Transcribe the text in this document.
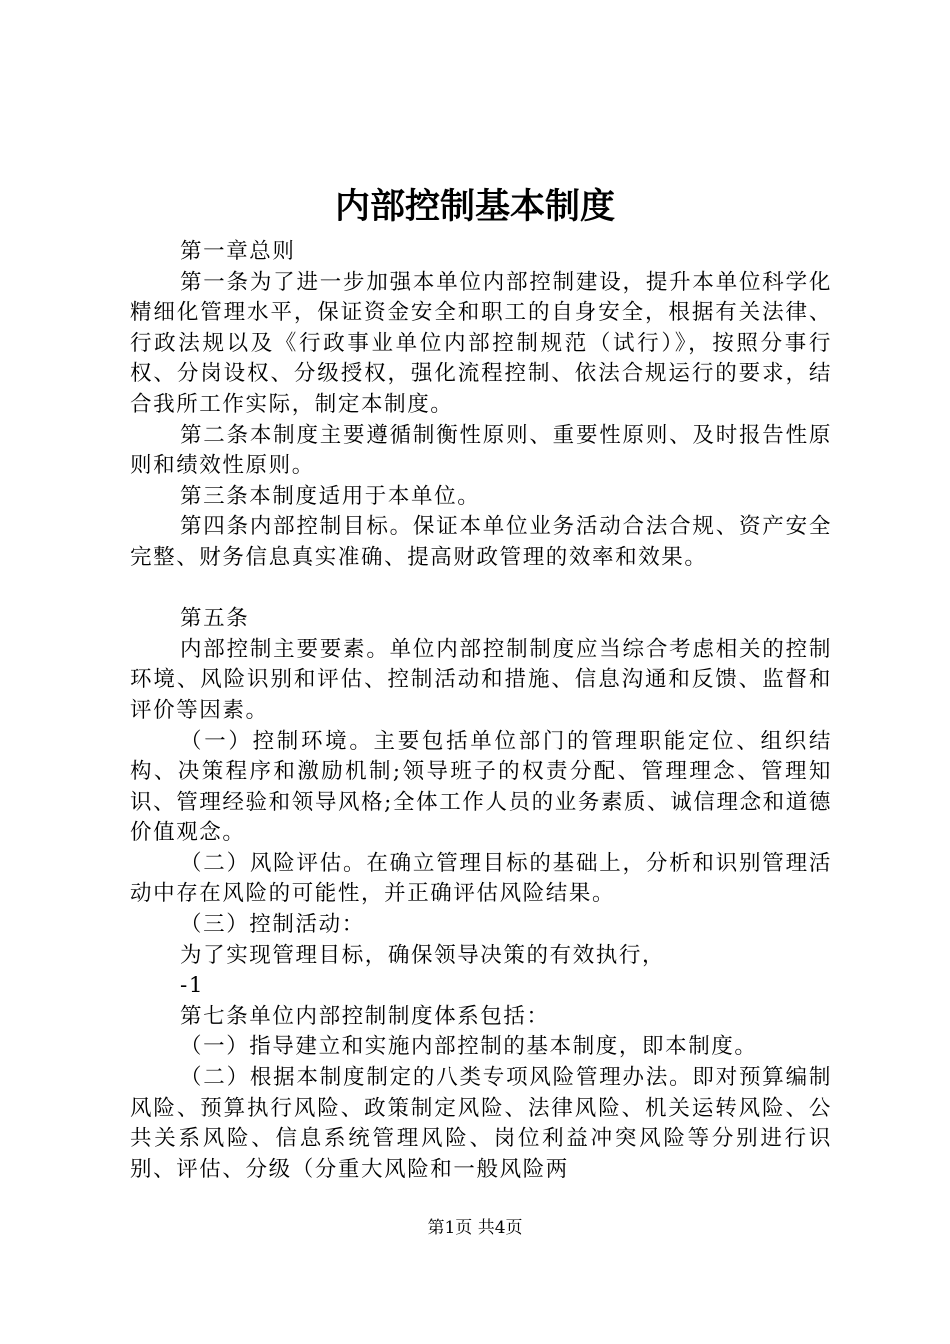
内部控制基本制度

第一章总则

第一条为了进一步加强本单位内部控制建设，提升本单位科学化精细化管理水平，保证资金安全和职工的自身安全，根据有关法律、行政法规以及《行政事业单位内部控制规范（试行）》，按照分事行权、分岗设权、分级授权，强化流程控制、依法合规运行的要求，结合我所工作实际，制定本制度。

第二条本制度主要遵循制衡性原则、重要性原则、及时报告性原则和绩效性原则。

第三条本制度适用于本单位。

第四条内部控制目标。保证本单位业务活动合法合规、资产安全完整、财务信息真实准确、提高财政管理的效率和效果。

第五条

内部控制主要要素。单位内部控制制度应当综合考虑相关的控制环境、风险识别和评估、控制活动和措施、信息沟通和反馈、监督和评价等因素。

（一）控制环境。主要包括单位部门的管理职能定位、组织结构、决策程序和激励机制;领导班子的权责分配、管理理念、管理知识、管理经验和领导风格;全体工作人员的业务素质、诚信理念和道德价值观念。

（二）风险评估。在确立管理目标的基础上，分析和识别管理活动中存在风险的可能性，并正确评估风险结果。

（三）控制活动：

为了实现管理目标，确保领导决策的有效执行，

-1

第七条单位内部控制制度体系包括：

（一）指导建立和实施内部控制的基本制度，即本制度。

（二）根据本制度制定的八类专项风险管理办法。即对预算编制风险、预算执行风险、政策制定风险、法律风险、机关运转风险、公共关系风险、信息系统管理风险、岗位利益冲突风险等分别进行识别、评估、分级（分重大风险和一般风险两

第1页 共4页
